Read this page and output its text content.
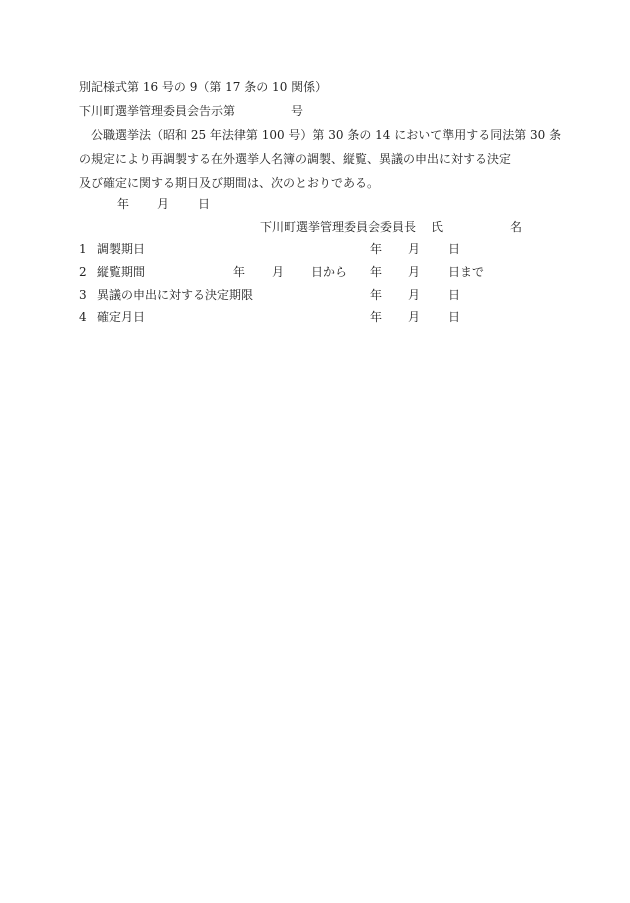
別記様式第 16 号の 9（第 17 条の 10 関係）
下川町選挙管理委員会告示第	号
公職選挙法（昭和 25 年法律第 100 号）第 30 条の 14 において準用する同法第 30 条
の規定により再調製する在外選挙人名簿の調製、縦覧、異議の申出に対する決定
及び確定に関する期日及び期間は、次のとおりである。
年 月 日
下川町選挙管理委員会委員長 氏	名
1 調製期日	年 月 日
2 縦覧期間	年 月 日から 年 月 日まで
3 異議の申出に対する決定期限	年 月 日
4 確定月日	年 月 日
